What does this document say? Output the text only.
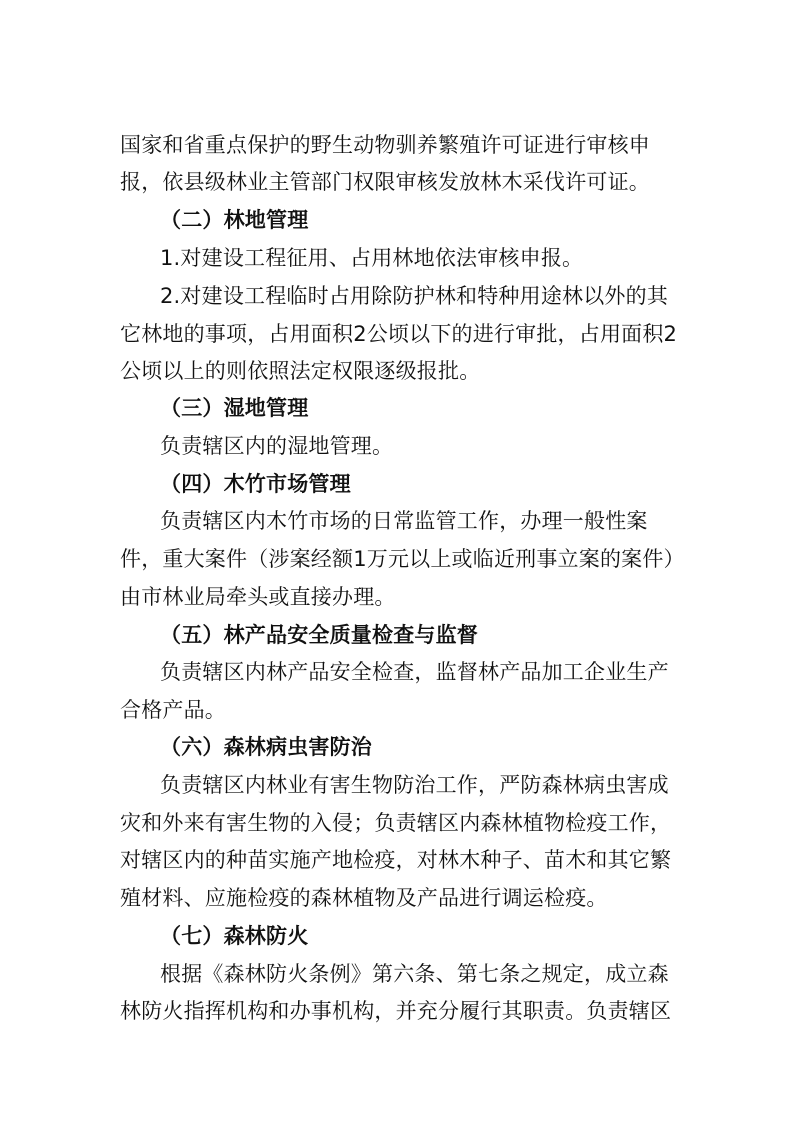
国家和省重点保护的野生动物驯养繁殖许可证进行审核申
报，依县级林业主管部门权限审核发放林木采伐许可证。
（二）林地管理
1.对建设工程征用、占用林地依法审核申报。
2.对建设工程临时占用除防护林和特种用途林以外的其
它林地的事项，占用面积2公顷以下的进行审批，占用面积2
公顷以上的则依照法定权限逐级报批。
（三）湿地管理
负责辖区内的湿地管理。
（四）木竹市场管理
负责辖区内木竹市场的日常监管工作，办理一般性案
件，重大案件（涉案经额1万元以上或临近刑事立案的案件）
由市林业局牵头或直接办理。
（五）林产品安全质量检查与监督
负责辖区内林产品安全检查，监督林产品加工企业生产
合格产品。
（六）森林病虫害防治
负责辖区内林业有害生物防治工作，严防森林病虫害成
灾和外来有害生物的入侵；负责辖区内森林植物检疫工作，
对辖区内的种苗实施产地检疫，对林木种子、苗木和其它繁
殖材料、应施检疫的森林植物及产品进行调运检疫。
（七）森林防火
根据《森林防火条例》第六条、第七条之规定，成立森
林防火指挥机构和办事机构，并充分履行其职责。负责辖区
